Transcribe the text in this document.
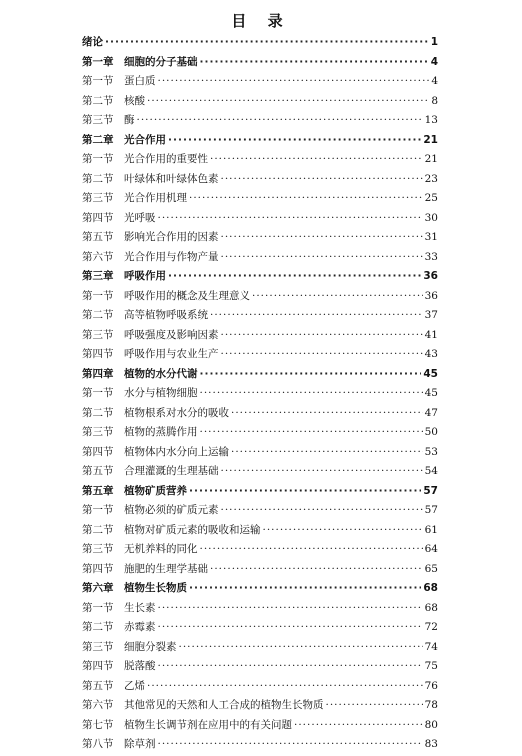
目 录
绪论 ·····	1
第一章	细胞的分子基础 ·····	4
第一节	蛋白质 ·····	4
第二节	核酸 ·····	8
第三节	酶 ·····	13
第二章	光合作用 ·····	21
第一节	光合作用的重要性 ·····	21
第二节	叶绿体和叶绿体色素 ·····	23
第三节	光合作用机理 ·····	25
第四节	光呼吸 ·····	30
第五节	影响光合作用的因素 ·····	31
第六节	光合作用与作物产量 ·····	33
第三章	呼吸作用 ·····	36
第一节	呼吸作用的概念及生理意义 ·····	36
第二节	高等植物呼吸系统 ·····	37
第三节	呼吸强度及影响因素 ·····	41
第四节	呼吸作用与农业生产 ·····	43
第四章	植物的水分代谢 ·····	45
第一节	水分与植物细胞 ·····	45
第二节	植物根系对水分的吸收 ·····	47
第三节	植物的蒸腾作用 ·····	50
第四节	植物体内水分向上运输 ·····	53
第五节	合理灌溉的生理基础 ·····	54
第五章	植物矿质营养 ·····	57
第一节	植物必须的矿质元素 ·····	57
第二节	植物对矿质元素的吸收和运输 ·····	61
第三节	无机养料的同化 ·····	64
第四节	施肥的生理学基础 ·····	65
第六章	植物生长物质 ·····	68
第一节	生长素 ·····	68
第二节	赤霉素 ·····	72
第三节	细胞分裂素 ·····	74
第四节	脱落酸 ·····	75
第五节	乙烯 ·····	76
第六节	其他常见的天然和人工合成的植物生长物质 ·····	78
第七节	植物生长调节剂在应用中的有关问题 ·····	80
第八节	除草剂 ·····	83
